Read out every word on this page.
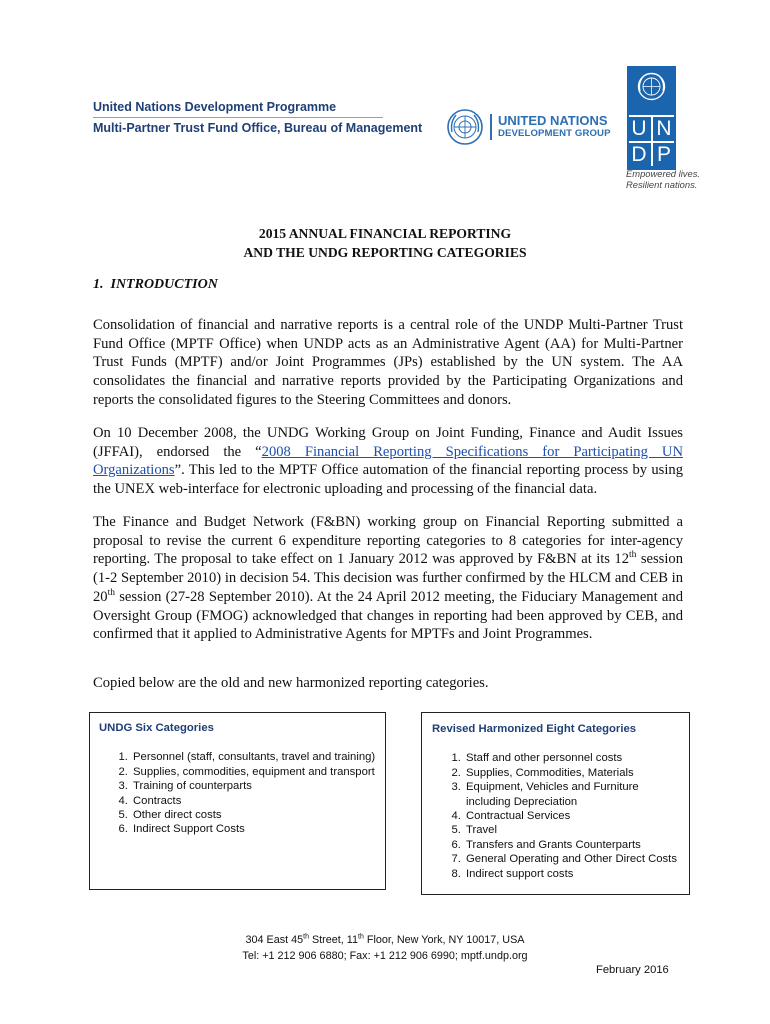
United Nations Development Programme
Multi-Partner Trust Fund Office, Bureau of Management	UNITED NATIONS
DEVELOPMENT GROUP U N
D P
Empowered lives.
Resilient nations.
2015 ANNUAL FINANCIAL REPORTING
AND THE UNDG REPORTING CATEGORIES
1.  INTRODUCTION
Consolidation of financial and narrative reports is a central role of the UNDP Multi-Partner Trust Fund Office (MPTF Office) when UNDP acts as an Administrative Agent (AA) for Multi-Partner Trust Funds (MPTF) and/or Joint Programmes (JPs) established by the UN system. The AA consolidates the financial and narrative reports provided by the Participating Organizations and reports the consolidated figures to the Steering Committees and donors.
On 10 December 2008, the UNDG Working Group on Joint Funding, Finance and Audit Issues (JFFAI), endorsed the “2008 Financial Reporting Specifications for Participating UN Organizations”. This led to the MPTF Office automation of the financial reporting process by using the UNEX web-interface for electronic uploading and processing of the financial data.
The Finance and Budget Network (F&BN) working group on Financial Reporting submitted a proposal to revise the current 6 expenditure reporting categories to 8 categories for inter-agency reporting. The proposal to take effect on 1 January 2012 was approved by F&BN at its 12th session (1-2 September 2010) in decision 54. This decision was further confirmed by the HLCM and CEB in 20th session (27-28 September 2010). At the 24 April 2012 meeting, the Fiduciary Management and Oversight Group (FMOG) acknowledged that changes in reporting had been approved by CEB, and confirmed that it applied to Administrative Agents for MPTFs and Joint Programmes.
Copied below are the old and new harmonized reporting categories.
UNDG Six Categories
1. Personnel (staff, consultants, travel and training)
2. Supplies, commodities, equipment and transport
3. Training of counterparts
4. Contracts
5. Other direct costs
6. Indirect Support Costs
Revised Harmonized Eight Categories
1. Staff and other personnel costs
2. Supplies, Commodities, Materials
3. Equipment, Vehicles and Furniture including Depreciation
4. Contractual Services
5. Travel
6. Transfers and Grants Counterparts
7. General Operating and Other Direct Costs
8. Indirect support costs
304 East 45th Street, 11th Floor, New York, NY 10017, USA
Tel: +1 212 906 6880; Fax: +1 212 906 6990; mptf.undp.org
February 2016
